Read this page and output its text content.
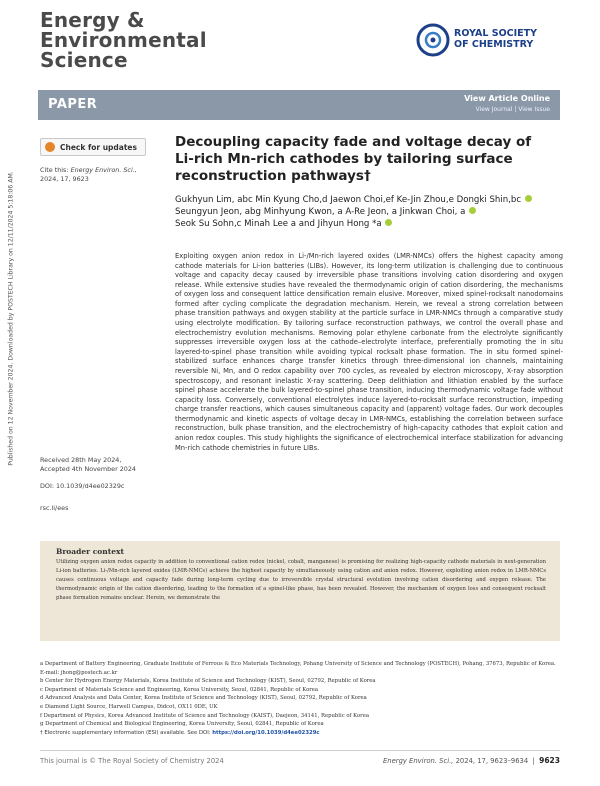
Energy &
Environmental
Science
ROYAL SOCIETY
OF CHEMISTRY
PAPER	View Article Online
View Journal | View Issue
Published on 12 November 2024. Downloaded by POSTECH Library on 12/11/2024 5:18:06 AM.
Check for updates
Cite this: Energy Environ. Sci.,
2024, 17, 9623
Decoupling capacity fade and voltage decay of Li-rich Mn-rich cathodes by tailoring surface reconstruction pathways†
Gukhyun Lim, abc Min Kyung Cho,d Jaewon Choi,ef Ke-Jin Zhou,e Dongki Shin,bc
Seungyun Jeon, abg Minhyung Kwon, a A-Re Jeon, a Jinkwan Choi, a
Seok Su Sohn,c Minah Lee a and Jihyun Hong *a
Exploiting oxygen anion redox in Li-/Mn-rich layered oxides (LMR-NMCs) offers the highest capacity among cathode materials for Li-ion batteries (LIBs). However, its long-term utilization is challenging due to continuous voltage and capacity decay caused by irreversible phase transitions involving cation disordering and oxygen release. While extensive studies have revealed the thermodynamic origin of cation disordering, the mechanisms of oxygen loss and consequent lattice densification remain elusive. Moreover, mixed spinel-rocksalt nanodomains formed after cycling complicate the degradation mechanism. Herein, we reveal a strong correlation between phase transition pathways and oxygen stability at the particle surface in LMR-NMCs through a comparative study using electrolyte modification. By tailoring surface reconstruction pathways, we control the overall phase and electrochemistry evolution mechanisms. Removing polar ethylene carbonate from the electrolyte significantly suppresses irreversible oxygen loss at the cathode–electrolyte interface, preferentially promoting the in situ layered-to-spinel phase transition while avoiding typical rocksalt phase formation. The in situ formed spinel-stabilized surface enhances charge transfer kinetics through three-dimensional ion channels, maintaining reversible Ni, Mn, and O redox capability over 700 cycles, as revealed by electron microscopy, X-ray absorption spectroscopy, and resonant inelastic X-ray scattering. Deep delithiation and lithiation enabled by the surface spinel phase accelerate the bulk layered-to-spinel phase transition, inducing thermodynamic voltage fade without capacity loss. Conversely, conventional electrolytes induce layered-to-rocksalt surface reconstruction, impeding charge transfer reactions, which causes simultaneous capacity and (apparent) voltage fades. Our work decouples thermodynamic and kinetic aspects of voltage decay in LMR-NMCs, establishing the correlation between surface reconstruction, bulk phase transition, and the electrochemistry of high-capacity cathodes that exploit cation and anion redox couples. This study highlights the significance of electrochemical interface stabilization for advancing Mn-rich cathode chemistries in future LIBs.
Received 28th May 2024,
Accepted 4th November 2024
DOI: 10.1039/d4ee02329c
rsc.li/ees
Broader context
Utilizing oxygen anion redox capacity in addition to conventional cation redox (nickel, cobalt, manganese) is promising for realizing high-capacity cathode materials in next-generation Li-ion batteries. Li-/Mn-rich layered oxides (LMR-NMCs) achieve the highest capacity by simultaneously using cation and anion redox. However, exploiting anion redox in LMR-NMCs causes continuous voltage and capacity fade during long-term cycling due to irreversible crystal structural evolution involving cation disordering and oxygen release. The thermodynamic origin of the cation disordering, leading to the formation of a spinel-like phase, has been revealed. However, the mechanism of oxygen loss and consequent rocksalt phase formation remains unclear. Herein, we demonstrate the
a Department of Battery Engineering, Graduate Institute of Ferrous & Eco Materials Technology, Pohang University of Science and Technology (POSTECH), Pohang, 37673, Republic of Korea. E-mail: jhong@postech.ac.kr
b Center for Hydrogen Energy Materials, Korea Institute of Science and Technology (KIST), Seoul, 02792, Republic of Korea
c Department of Materials Science and Engineering, Korea University, Seoul, 02841, Republic of Korea
d Advanced Analysis and Data Center, Korea Institute of Science and Technology (KIST), Seoul, 02792, Republic of Korea
e Diamond Light Source, Harwell Campus, Didcot, OX11 0DE, UK
f Department of Physics, Korea Advanced Institute of Science and Technology (KAIST), Daejeon, 34141, Republic of Korea
g Department of Chemical and Biological Engineering, Korea University, Seoul, 02841, Republic of Korea
† Electronic supplementary information (ESI) available. See DOI: https://doi.org/10.1039/d4ee02329c
This journal is © The Royal Society of Chemistry 2024	Energy Environ. Sci., 2024, 17, 9623–9634  |  9623
